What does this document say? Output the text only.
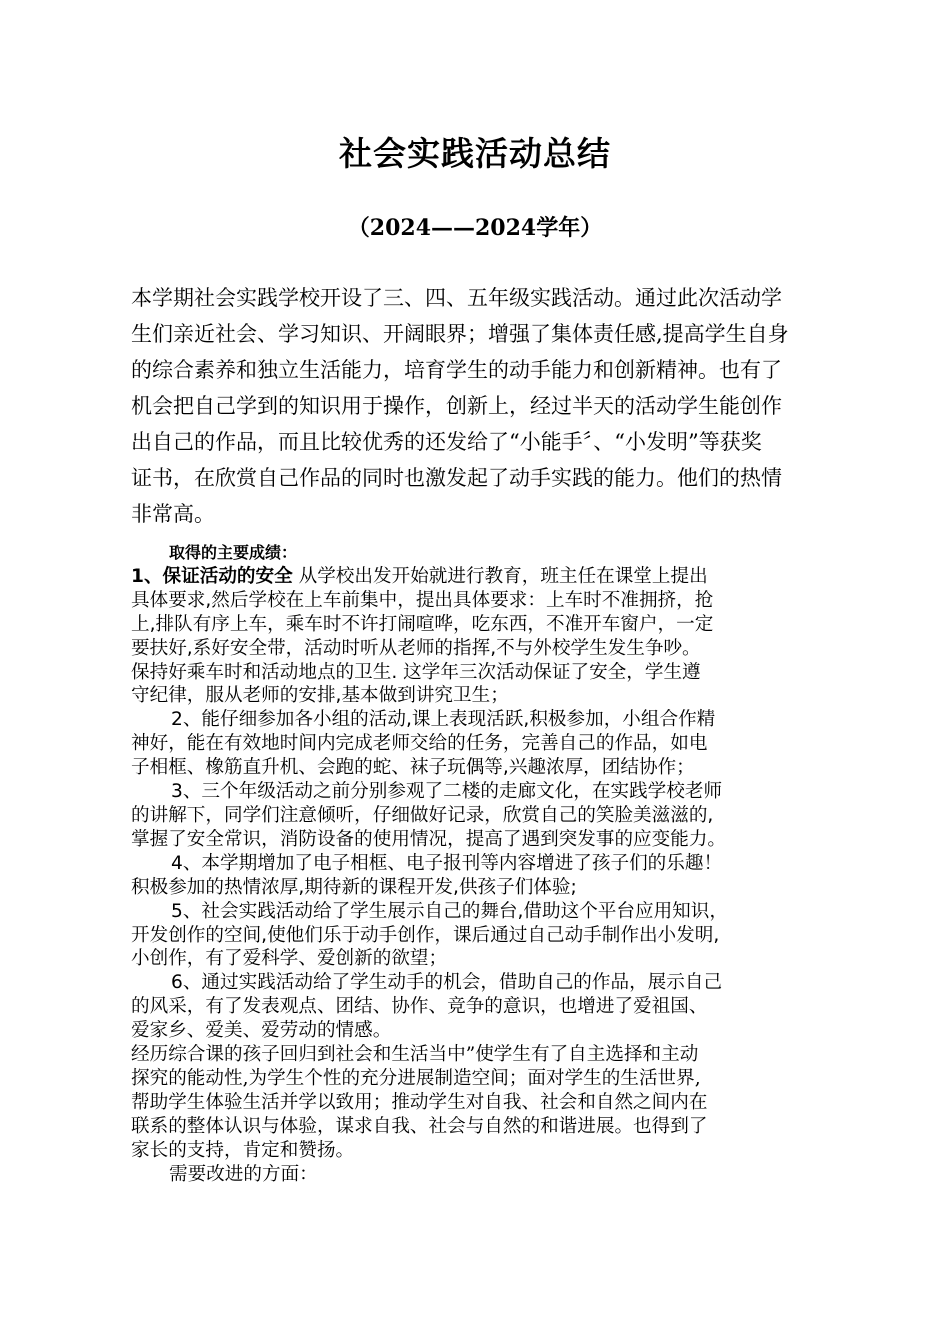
社会实践活动总结
（2024——2024学年）

本学期社会实践学校开设了三、四、五年级实践活动。通过此次活动学
生们亲近社会、学习知识、开阔眼界；增强了集体责任感,提高学生自身
的综合素养和独立生活能力，培育学生的动手能力和创新精神。也有了
机会把自己学到的知识用于操作，创新上，经过半天的活动学生能创作
出自己的作品，而且比较优秀的还发给了“小能手〞、“小发明”等获奖
证书，在欣赏自己作品的同时也激发起了动手实践的能力。他们的热情
非常高。

取得的主要成绩：
1、保证活动的安全 从学校出发开始就进行教育，班主任在课堂上提出
具体要求,然后学校在上车前集中，提出具体要求：上车时不准拥挤，抢
上,排队有序上车，乘车时不许打闹喧哗，吃东西，不准开车窗户，一定
要扶好,系好安全带，活动时听从老师的指挥,不与外校学生发生争吵。
保持好乘车时和活动地点的卫生. 这学年三次活动保证了安全，学生遵
守纪律，服从老师的安排,基本做到讲究卫生；
2、能仔细参加各小组的活动,课上表现活跃,积极参加，小组合作精
神好，能在有效地时间内完成老师交给的任务，完善自己的作品，如电
子相框、橡筋直升机、会跑的蛇、袜子玩偶等,兴趣浓厚，团结协作；
3、三个年级活动之前分别参观了二楼的走廊文化，在实践学校老师
的讲解下，同学们注意倾听，仔细做好记录，欣赏自己的笑脸美滋滋的,
掌握了安全常识，消防设备的使用情况，提高了遇到突发事的应变能力。
4、本学期增加了电子相框、电子报刊等内容增进了孩子们的乐趣！
积极参加的热情浓厚,期待新的课程开发,供孩子们体验;
5、社会实践活动给了学生展示自己的舞台,借助这个平台应用知识，
开发创作的空间,使他们乐于动手创作，课后通过自己动手制作出小发明,
小创作，有了爱科学、爱创新的欲望；
6、通过实践活动给了学生动手的机会，借助自己的作品，展示自己
的风采，有了发表观点、团结、协作、竞争的意识，也增进了爱祖国、
爱家乡、爱美、爱劳动的情感。
经历综合课的孩子回归到社会和生活当中”使学生有了自主选择和主动
探究的能动性,为学生个性的充分进展制造空间；面对学生的生活世界,
帮助学生体验生活并学以致用；推动学生对自我、社会和自然之间内在
联系的整体认识与体验，谋求自我、社会与自然的和谐进展。也得到了
家长的支持，肯定和赞扬。
需要改进的方面：
